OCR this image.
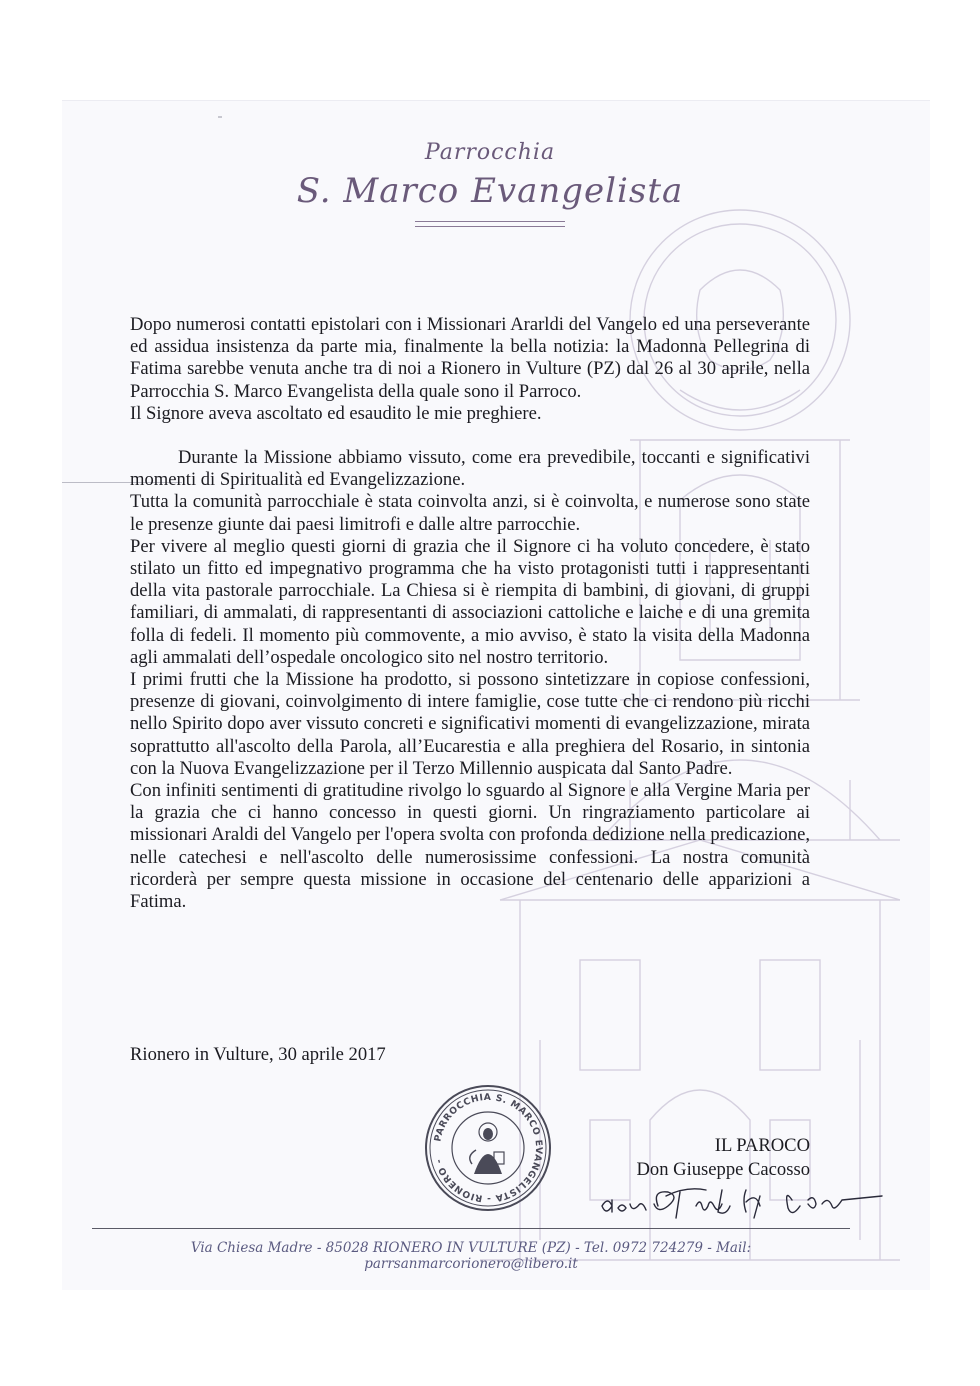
Parrocchia
S. Marco Evangelista

Dopo numerosi contatti epistolari con i Missionari Ararldi del Vangelo ed una perseverante ed assidua insistenza da parte mia, finalmente la bella notizia: la Madonna Pellegrina di Fatima sarebbe venuta anche tra di noi a Rionero in Vulture (PZ) dal 26 al 30 aprile, nella Parrocchia S. Marco Evangelista della quale sono il Parroco.

Il Signore aveva ascoltato ed esaudito le mie preghiere.

Durante la Missione abbiamo vissuto, come era prevedibile, toccanti e significativi momenti di Spiritualità ed Evangelizzazione.

Tutta la comunità parrocchiale è stata coinvolta anzi, si è coinvolta, e numerose sono state le presenze giunte dai paesi limitrofi e dalle altre parrocchie.

Per vivere al meglio questi giorni di grazia che il Signore ci ha voluto concedere, è stato stilato un fitto ed impegnativo programma che ha visto protagonisti tutti i rappresentanti della vita pastorale parrocchiale. La Chiesa si è riempita di bambini, di giovani, di gruppi familiari, di ammalati, di rappresentanti di associazioni cattoliche e laiche e di una gremita folla di fedeli. Il momento più commovente, a mio avviso, è stato la visita della Madonna agli ammalati dell’ospedale oncologico sito nel nostro territorio.

I primi frutti che la Missione ha prodotto, si possono sintetizzare in copiose confessioni, presenze di giovani, coinvolgimento di intere famiglie, cose tutte che ci rendono più ricchi nello Spirito dopo aver vissuto concreti e significativi momenti di evangelizzazione, mirata soprattutto all'ascolto della Parola, all’Eucarestia e alla preghiera del Rosario, in sintonia con la Nuova Evangelizzazione per il Terzo Millennio auspicata dal Santo Padre.

Con infiniti sentimenti di gratitudine rivolgo lo sguardo al Signore e alla Vergine Maria per la grazia che ci hanno concesso in questi giorni. Un ringraziamento particolare ai missionari Araldi del Vangelo per l'opera svolta con profonda dedizione nella predicazione, nelle catechesi e nell'ascolto delle numerosissime confessioni. La nostra comunità ricorderà per sempre questa missione in occasione del centenario delle apparizioni a Fatima.

Rionero in Vulture, 30 aprile 2017
PARROCCHIA S. MARCO EVANGELISTA - RIONERO -
IL PAROCO
Don Giuseppe Cacosso
Via Chiesa Madre - 85028 RIONERO IN VULTURE (PZ) - Tel. 0972 724279 - Mail: parrsanmarcorionero@libero.it
